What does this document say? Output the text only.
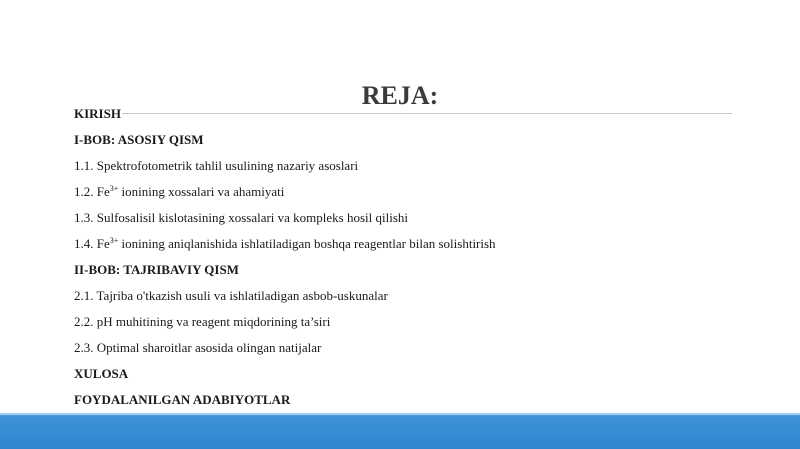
REJA:
KIRISH
I-BOB: ASOSIY QISM
1.1. Spektrofotometrik tahlil usulining nazariy asoslari
1.2. $Fe^{3+}$ ionining xossalari va ahamiyati
1.3. Sulfosalisil kislotasining xossalari va kompleks hosil qilishi
1.4. $Fe^{3+}$ ionining aniqlanishida ishlatiladigan boshqa reagentlar bilan solishtirish
II-BOB: TAJRIBAVIY QISM
2.1. Tajriba o'tkazish usuli va ishlatiladigan asbob-uskunalar
2.2. pH muhitining va reagent miqdorining ta’siri
2.3. Optimal sharoitlar asosida olingan natijalar
XULOSA
FOYDALANILGAN ADABIYOTLAR
